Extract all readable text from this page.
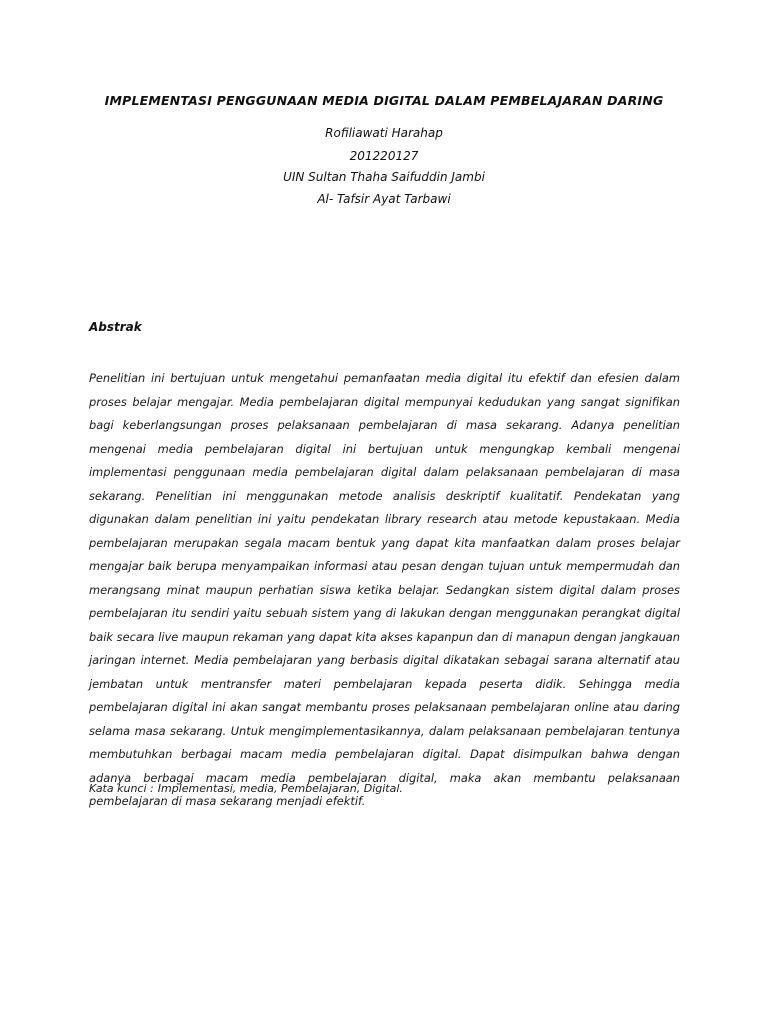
IMPLEMENTASI PENGGUNAAN MEDIA DIGITAL DALAM PEMBELAJARAN DARING
Rofiliawati Harahap
201220127
UIN Sultan Thaha Saifuddin Jambi
Al- Tafsir Ayat Tarbawi
Abstrak

Penelitian ini bertujuan untuk mengetahui pemanfaatan media digital itu efektif dan efesien dalam proses belajar mengajar. Media pembelajaran digital mempunyai kedudukan yang sangat signifikan bagi keberlangsungan proses pelaksanaan pembelajaran di masa sekarang. Adanya penelitian mengenai media pembelajaran digital ini bertujuan untuk mengungkap kembali mengenai implementasi penggunaan media pembelajaran digital dalam pelaksanaan pembelajaran di masa sekarang. Penelitian ini menggunakan metode analisis deskriptif kualitatif. Pendekatan yang digunakan dalam penelitian ini yaitu pendekatan library research atau metode kepustakaan. Media pembelajaran merupakan segala macam bentuk yang dapat kita manfaatkan dalam proses belajar mengajar baik berupa menyampaikan informasi atau pesan dengan tujuan untuk mempermudah dan merangsang minat maupun perhatian siswa ketika belajar. Sedangkan sistem digital dalam proses pembelajaran itu sendiri yaitu sebuah sistem yang di lakukan dengan menggunakan perangkat digital baik secara live maupun rekaman yang dapat kita akses kapanpun dan di manapun dengan jangkauan jaringan internet. Media pembelajaran yang berbasis digital dikatakan sebagai sarana alternatif atau jembatan untuk mentransfer materi pembelajaran kepada peserta didik. Sehingga media pembelajaran digital ini akan sangat membantu proses pelaksanaan pembelajaran online atau daring selama masa sekarang. Untuk mengimplementasikannya, dalam pelaksanaan pembelajaran tentunya membutuhkan berbagai macam media pembelajaran digital. Dapat disimpulkan bahwa dengan adanya berbagai macam media pembelajaran digital, maka akan membantu pelaksanaan pembelajaran di masa sekarang menjadi efektif.

Kata kunci : Implementasi, media, Pembelajaran, Digital.
